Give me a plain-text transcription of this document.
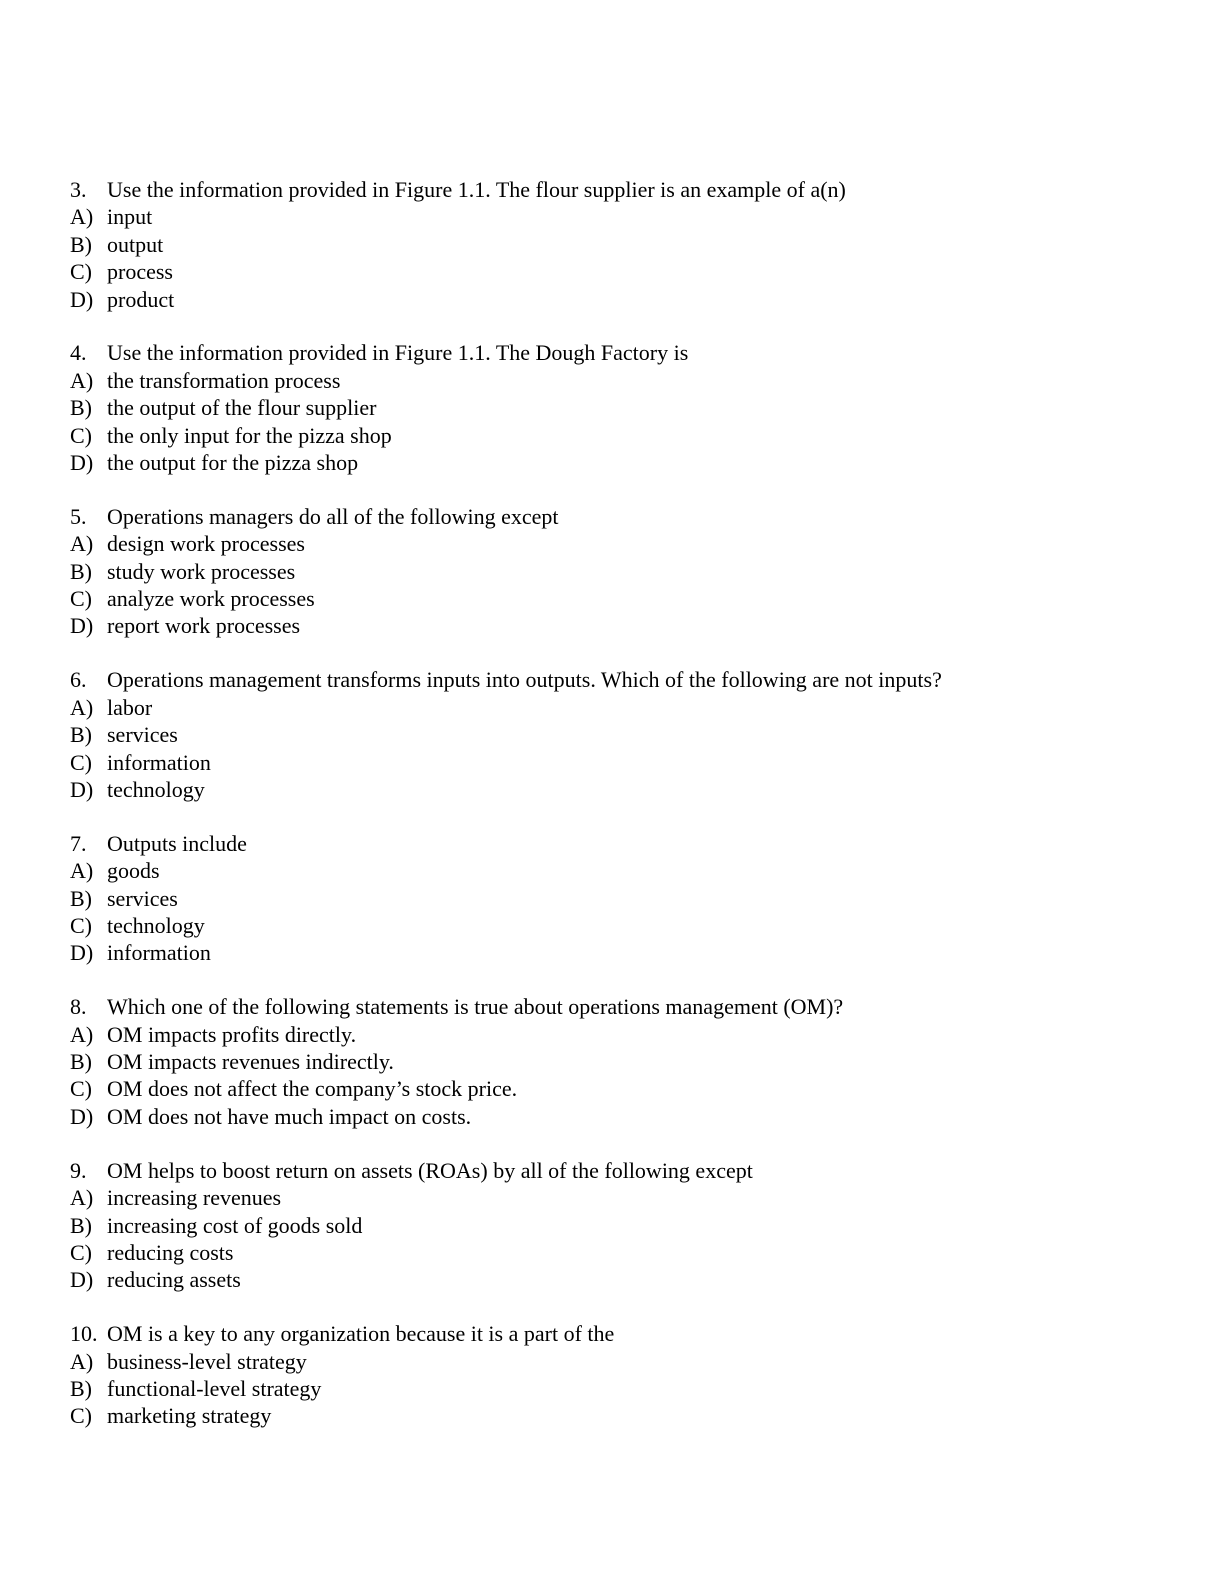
3. Use the information provided in Figure 1.1. The flour supplier is an example of a(n)
A) input
B) output
C) process
D) product
4. Use the information provided in Figure 1.1. The Dough Factory is
A) the transformation process
B) the output of the flour supplier
C) the only input for the pizza shop
D) the output for the pizza shop
5. Operations managers do all of the following except
A) design work processes
B) study work processes
C) analyze work processes
D) report work processes
6. Operations management transforms inputs into outputs. Which of the following are not inputs?
A) labor
B) services
C) information
D) technology
7. Outputs include
A) goods
B) services
C) technology
D) information
8. Which one of the following statements is true about operations management (OM)?
A) OM impacts profits directly.
B) OM impacts revenues indirectly.
C) OM does not affect the company’s stock price.
D) OM does not have much impact on costs.
9. OM helps to boost return on assets (ROAs) by all of the following except
A) increasing revenues
B) increasing cost of goods sold
C) reducing costs
D) reducing assets
10. OM is a key to any organization because it is a part of the
A) business-level strategy
B) functional-level strategy
C) marketing strategy
